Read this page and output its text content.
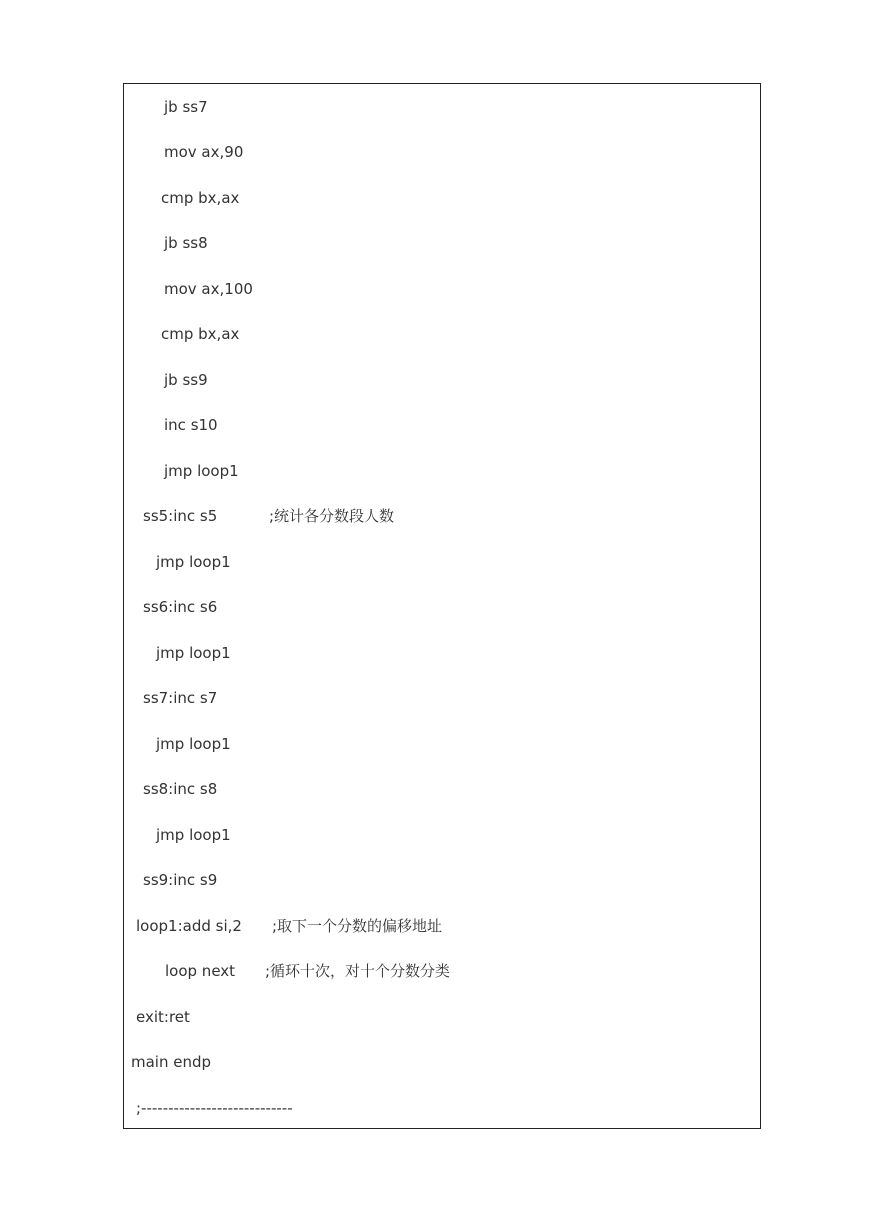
jb ss7

mov ax,90

cmp bx,ax

jb ss8

mov ax,100

cmp bx,ax

jb ss9

inc s10

jmp loop1

ss5:inc s5

	;统计各分数段人数

jmp loop1

ss6:inc s6

jmp loop1

ss7:inc s7

jmp loop1

ss8:inc s8

jmp loop1

ss9:inc s9

loop1:add si,2

;取下一个分数的偏移地址

loop next

;循环十次，对十个分数分类

exit:ret

main endp

;----------------------------
